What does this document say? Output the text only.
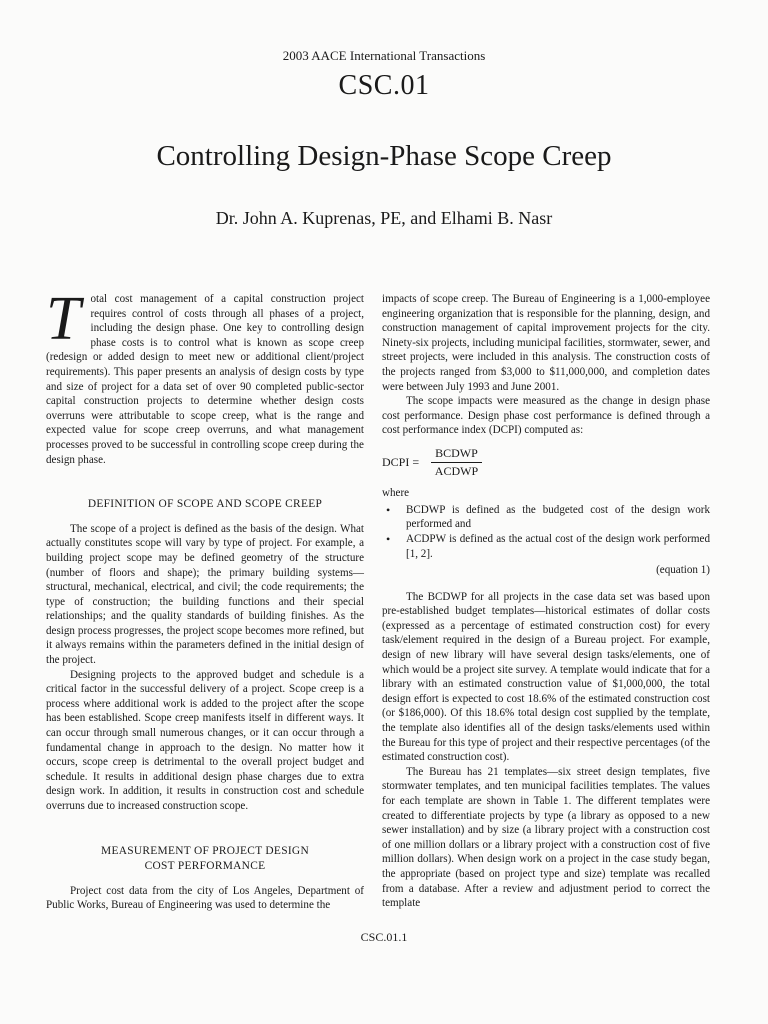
2003 AACE International Transactions
CSC.01
Controlling Design-Phase Scope Creep
Dr. John A. Kuprenas, PE, and Elhami B. Nasr

Total cost management of a capital construction project requires control of costs through all phases of a project, including the design phase. One key to controlling design phase costs is to control what is known as scope creep (redesign or added design to meet new or additional client/project requirements). This paper presents an analysis of design costs by type and size of project for a data set of over 90 completed public-sector capital construction projects to determine whether design costs overruns were attributable to scope creep, what is the range and expected value for scope creep overruns, and what management processes proved to be successful in controlling scope creep during the design phase.

DEFINITION OF SCOPE AND SCOPE CREEP

The scope of a project is defined as the basis of the design. What actually constitutes scope will vary by type of project. For example, a building project scope may be defined geometry of the structure (number of floors and shape); the primary building systems—structural, mechanical, electrical, and civil; the code requirements; the type of construction; the building functions and their special relationships; and the quality standards of building finishes. As the design process progresses, the project scope becomes more refined, but it always remains within the parameters defined in the initial design of the project.

Designing projects to the approved budget and schedule is a critical factor in the successful delivery of a project. Scope creep is a process where additional work is added to the project after the scope has been established. Scope creep manifests itself in different ways. It can occur through small numerous changes, or it can occur through a fundamental change in approach to the design. No matter how it occurs, scope creep is detrimental to the overall project budget and schedule. It results in additional design phase charges due to extra design work. In addition, it results in construction cost and schedule overruns due to increased construction scope.

MEASUREMENT OF PROJECT DESIGN
COST PERFORMANCE

Project cost data from the city of Los Angeles, Department of Public Works, Bureau of Engineering was used to determine the

impacts of scope creep. The Bureau of Engineering is a 1,000-employee engineering organization that is responsible for the planning, design, and construction management of capital improvement projects for the city. Ninety-six projects, including municipal facilities, stormwater, sewer, and street projects, were included in this analysis. The construction costs of the projects ranged from $3,000 to $11,000,000, and completion dates were between July 1993 and June 2001.

The scope impacts were measured as the change in design phase cost performance. Design phase cost performance is defined through a cost performance index (DCPI) computed as:

DCPI = $\frac{\text{BCDWP}}{\text{ACDWP}}$
where
• BCDWP is defined as the budgeted cost of the design work performed and
• ACDPW is defined as the actual cost of the design work performed [1, 2].
(equation 1)

The BCDWP for all projects in the case data set was based upon pre-established budget templates—historical estimates of dollar costs (expressed as a percentage of estimated construction cost) for every task/element required in the design of a Bureau project. For example, design of new library will have several design tasks/elements, one of which would be a project site survey. A template would indicate that for a library with an estimated construction value of $1,000,000, the total design effort is expected to cost 18.6% of the estimated construction cost (or $186,000). Of this 18.6% total design cost supplied by the template, the template also identifies all of the design tasks/elements used within the Bureau for this type of project and their respective percentages (of the estimated construction cost).

The Bureau has 21 templates—six street design templates, five stormwater templates, and ten municipal facilities templates. The values for each template are shown in Table 1. The different templates were created to differentiate projects by type (a library as opposed to a new sewer installation) and by size (a library project with a construction cost of one million dollars or a library project with a construction cost of five million dollars). When design work on a project in the case study began, the appropriate (based on project type and size) template was recalled from a database. After a review and adjustment period to correct the template

CSC.01.1
